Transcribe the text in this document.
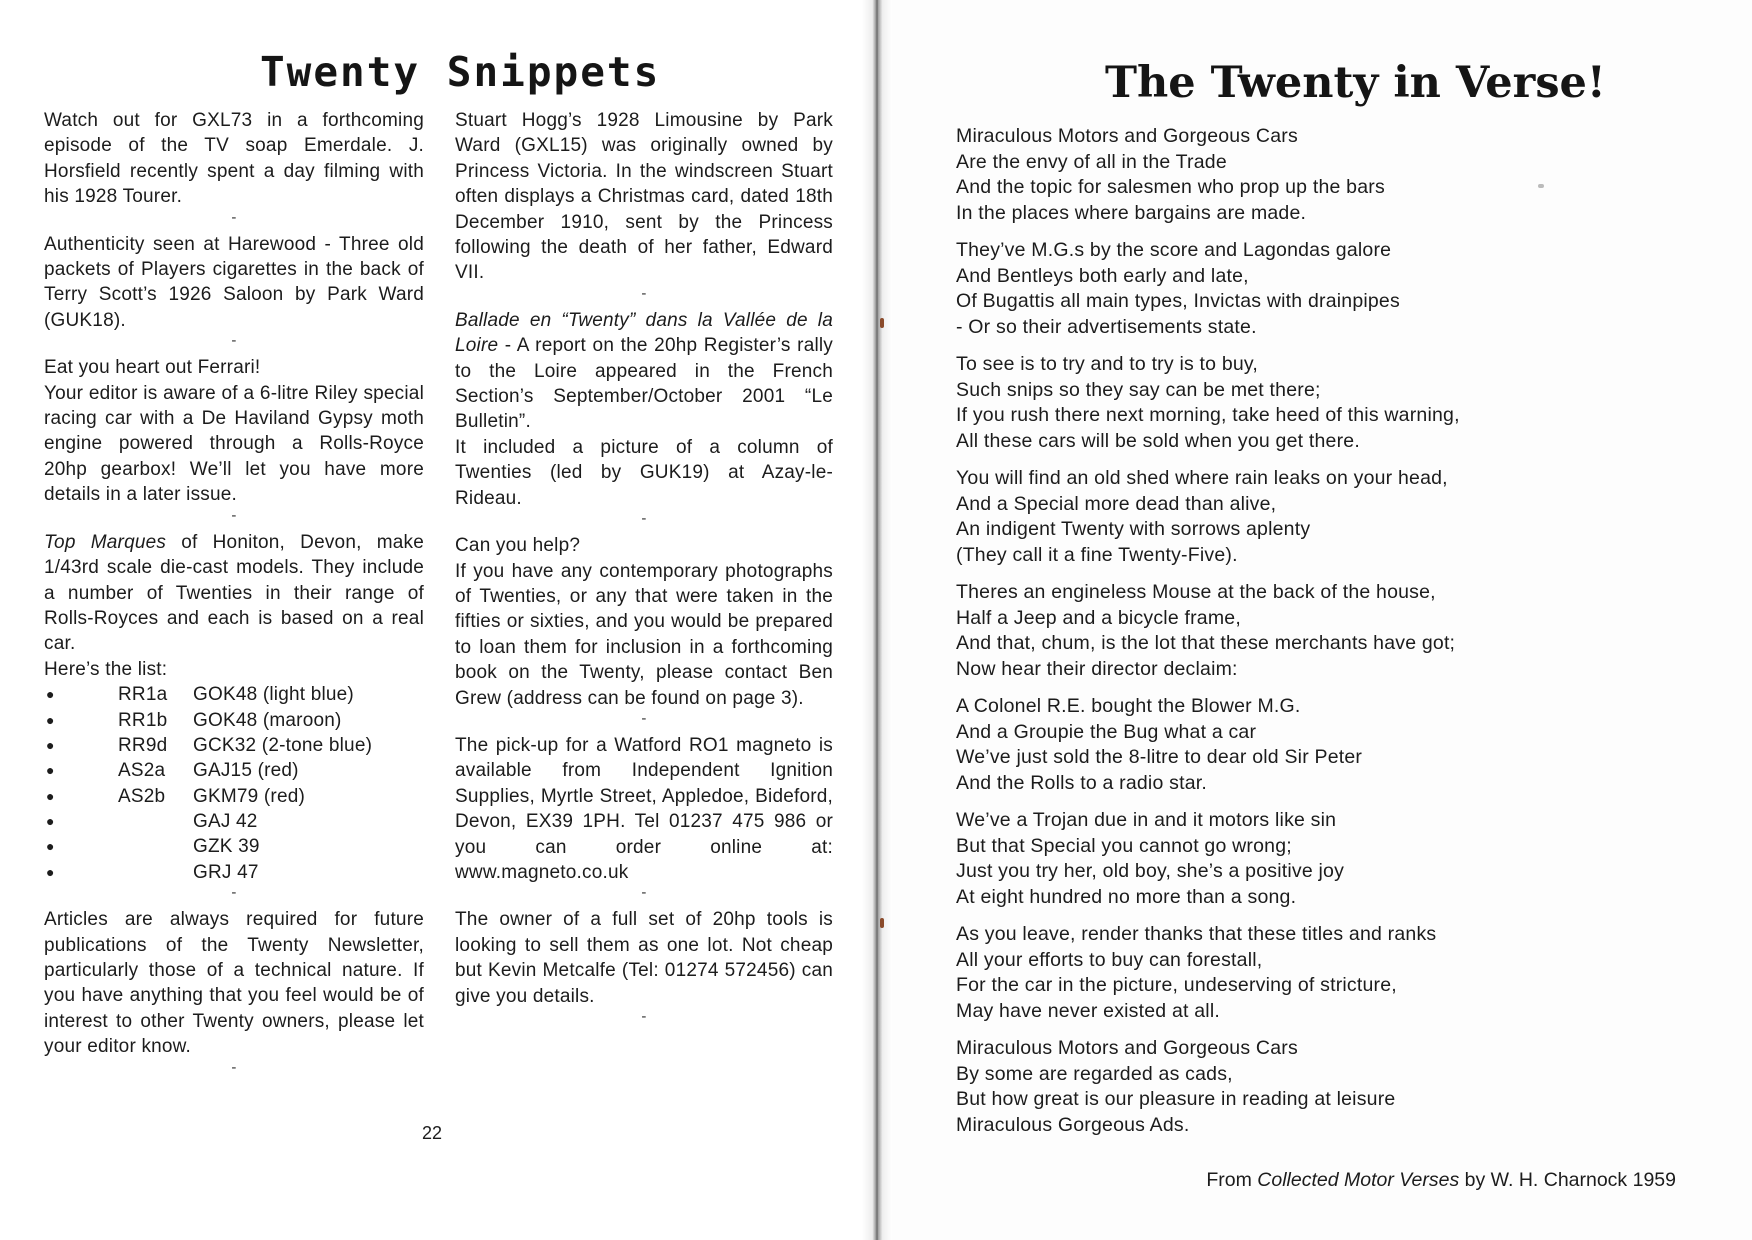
Twenty Snippets

Watch out for GXL73 in a forthcoming episode of the TV soap Emerdale. J. Horsfield recently spent a day filming with his 1928 Tourer.

-

Authenticity seen at Harewood - Three old packets of Players cigarettes in the back of Terry Scott’s 1926 Saloon by Park Ward (GUK18).

-

Eat you heart out Ferrari!

Your editor is aware of a 6-litre Riley special racing car with a De Haviland Gypsy moth engine powered through a Rolls-Royce 20hp gearbox! We’ll let you have more details in a later issue.

-

Top Marques of Honiton, Devon, make 1/43rd scale die-cast models. They include a number of Twenties in their range of Rolls-Royces and each is based on a real car.

Here’s the list:

●	RR1a GOK48 (light blue)
●	RR1b GOK48 (maroon)
●	RR9d GCK32 (2-tone blue)
●	AS2a GAJ15 (red)
●	AS2b GKM79 (red)
●	GAJ 42
●	GZK 39
●	GRJ 47
-

Articles are always required for future publications of the Twenty Newsletter, particularly those of a technical nature. If you have anything that you feel would be of interest to other Twenty owners, please let your editor know.

-

Stuart Hogg’s 1928 Limousine by Park Ward (GXL15) was originally owned by Princess Victoria. In the windscreen Stuart often displays a Christmas card, dated 18th December 1910, sent by the Princess following the death of her father, Edward VII.

-

Ballade en “Twenty” dans la Vallée de la Loire - A report on the 20hp Register’s rally to the Loire appeared in the French Section’s September/October 2001 “Le Bulletin”.

It included a picture of a column of Twenties (led by GUK19) at Azay-le-Rideau.

-

Can you help?

If you have any contemporary photographs of Twenties, or any that were taken in the fifties or sixties, and you would be prepared to loan them for inclusion in a forthcoming book on the Twenty, please contact Ben Grew (address can be found on page 3).

-

The pick-up for a Watford RO1 magneto is available from Independent Ignition Supplies, Myrtle Street, Appledoe, Bideford, Devon, EX39 1PH. Tel 01237 475 986 or you can order online at: www.magneto.co.uk

-

The owner of a full set of 20hp tools is looking to sell them as one lot. Not cheap but Kevin Metcalfe (Tel: 01274 572456) can give you details.

-

22

The Twenty in Verse!
Miraculous Motors and Gorgeous Cars
Are the envy of all in the Trade
And the topic for salesmen who prop up the bars
In the places where bargains are made.
They’ve M.G.s by the score and Lagondas galore
And Bentleys both early and late,
Of Bugattis all main types, Invictas with drainpipes
- Or so their advertisements state.
To see is to try and to try is to buy,
Such snips so they say can be met there;
If you rush there next morning, take heed of this warning,
All these cars will be sold when you get there.
You will find an old shed where rain leaks on your head,
And a Special more dead than alive,
An indigent Twenty with sorrows aplenty
(They call it a fine Twenty-Five).
Theres an engineless Mouse at the back of the house,
Half a Jeep and a bicycle frame,
And that, chum, is the lot that these merchants have got;
Now hear their director declaim:
A Colonel R.E. bought the Blower M.G.
And a Groupie the Bug what a car
We’ve just sold the 8-litre to dear old Sir Peter
And the Rolls to a radio star.
We’ve a Trojan due in and it motors like sin
But that Special you cannot go wrong;
Just you try her, old boy, she’s a positive joy
At eight hundred no more than a song.
As you leave, render thanks that these titles and ranks
All your efforts to buy can forestall,
For the car in the picture, undeserving of stricture,
May have never existed at all.
Miraculous Motors and Gorgeous Cars
By some are regarded as cads,
But how great is our pleasure in reading at leisure
Miraculous Gorgeous Ads.

From Collected Motor Verses by W. H. Charnock 1959
